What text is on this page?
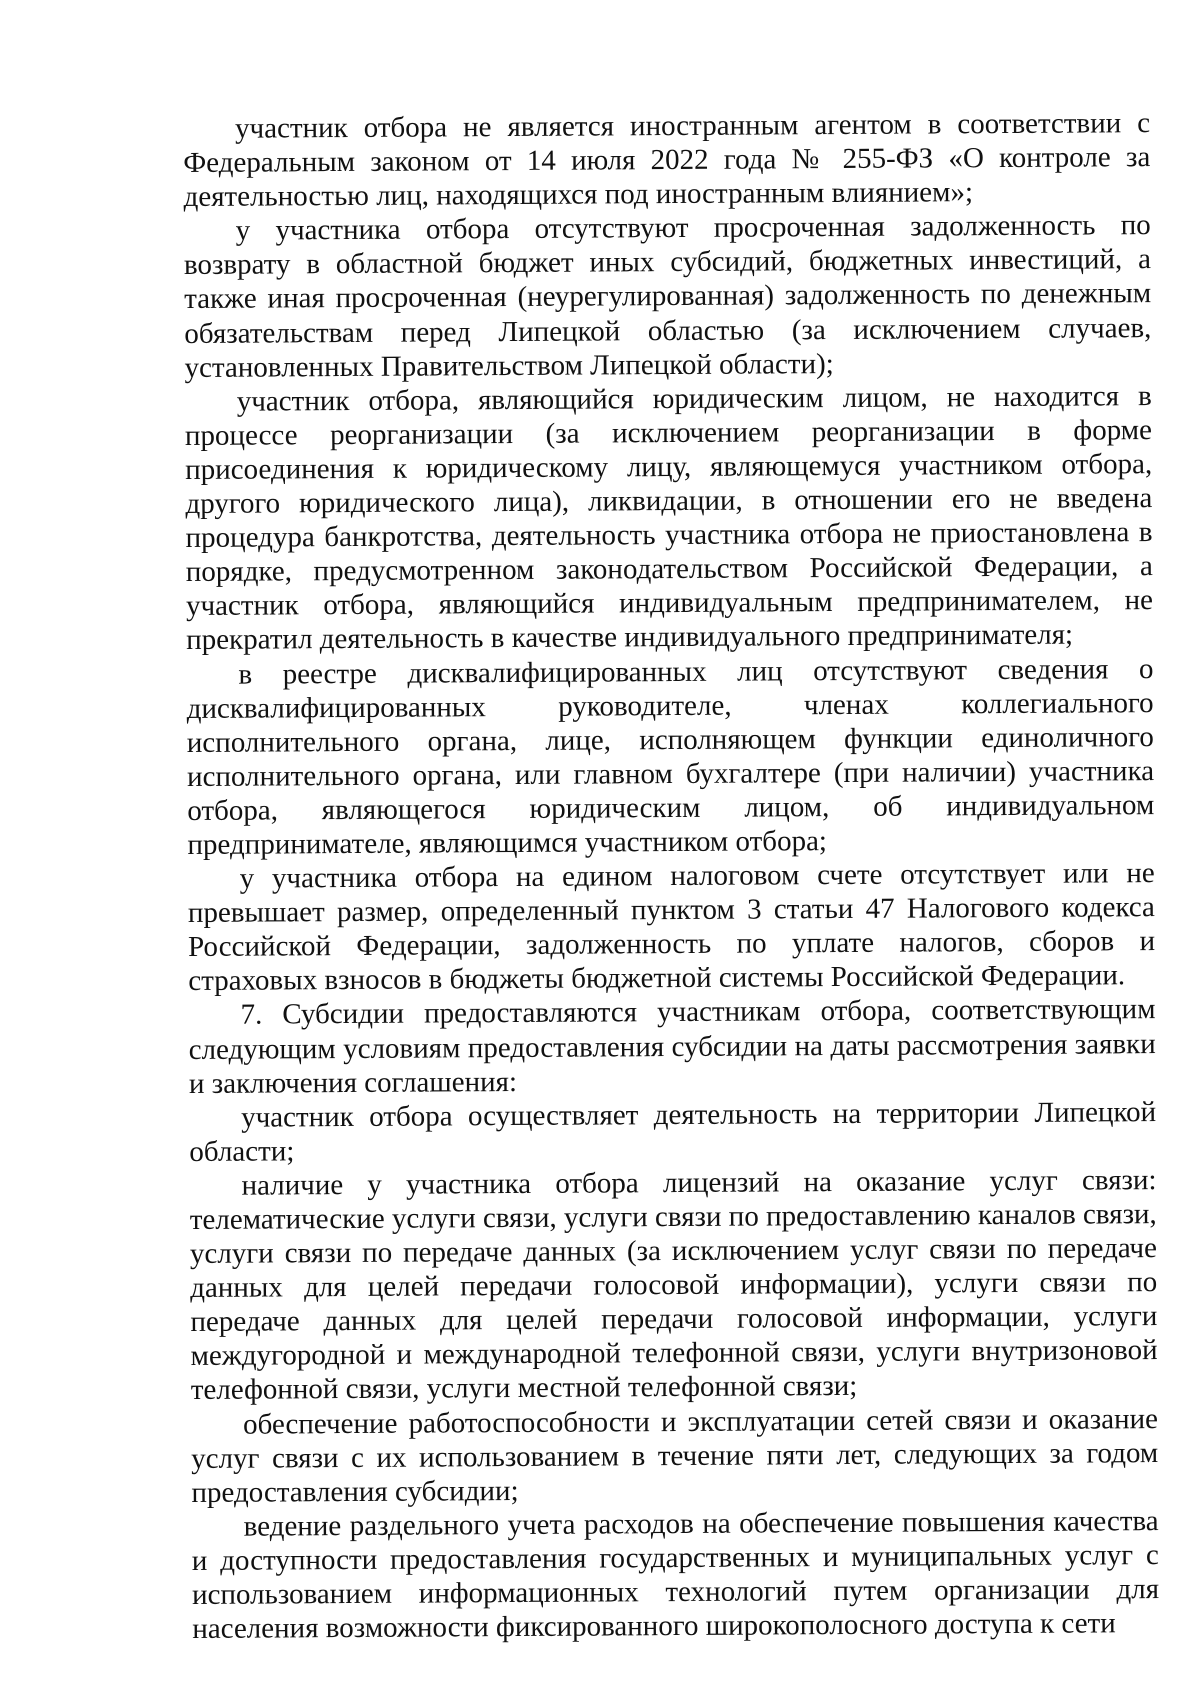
участник отбора не является иностранным агентом в соответствии с Федеральным законом от 14 июля 2022 года № 255-ФЗ «О контроле за деятельностью лиц, находящихся под иностранным влиянием»;

у участника отбора отсутствуют просроченная задолженность по возврату в областной бюджет иных субсидий, бюджетных инвестиций, а также иная просроченная (неурегулированная) задолженность по денежным обязательствам перед Липецкой областью (за исключением случаев, установленных Правительством Липецкой области);

участник отбора, являющийся юридическим лицом, не находится в процессе реорганизации (за исключением реорганизации в форме присоединения к юридическому лицу, являющемуся участником отбора, другого юридического лица), ликвидации, в отношении его не введена процедура банкротства, деятельность участника отбора не приостановлена в порядке, предусмотренном законодательством Российской Федерации, а участник отбора, являющийся индивидуальным предпринимателем, не прекратил деятельность в качестве индивидуального предпринимателя;

в реестре дисквалифицированных лиц отсутствуют сведения о дисквалифицированных руководителе, членах коллегиального исполнительного органа, лице, исполняющем функции единоличного исполнительного органа, или главном бухгалтере (при наличии) участника отбора, являющегося юридическим лицом, об индивидуальном предпринимателе, являющимся участником отбора;

у участника отбора на едином налоговом счете отсутствует или не превышает размер, определенный пунктом 3 статьи 47 Налогового кодекса Российской Федерации, задолженность по уплате налогов, сборов и страховых взносов в бюджеты бюджетной системы Российской Федерации.

7. Субсидии предоставляются участникам отбора, соответствующим следующим условиям предоставления субсидии на даты рассмотрения заявки и заключения соглашения:

участник отбора осуществляет деятельность на территории Липецкой области;

наличие у участника отбора лицензий на оказание услуг связи: телематические услуги связи, услуги связи по предоставлению каналов связи, услуги связи по передаче данных (за исключением услуг связи по передаче данных для целей передачи голосовой информации), услуги связи по передаче данных для целей передачи голосовой информации, услуги междугородной и международной телефонной связи, услуги внутризоновой телефонной связи, услуги местной телефонной связи;

обеспечение работоспособности и эксплуатации сетей связи и оказание услуг связи с их использованием в течение пяти лет, следующих за годом предоставления субсидии;

ведение раздельного учета расходов на обеспечение повышения качества и доступности предоставления государственных и муниципальных услуг с использованием информационных технологий путем организации для населения возможности фиксированного широкополосного доступа к сети
